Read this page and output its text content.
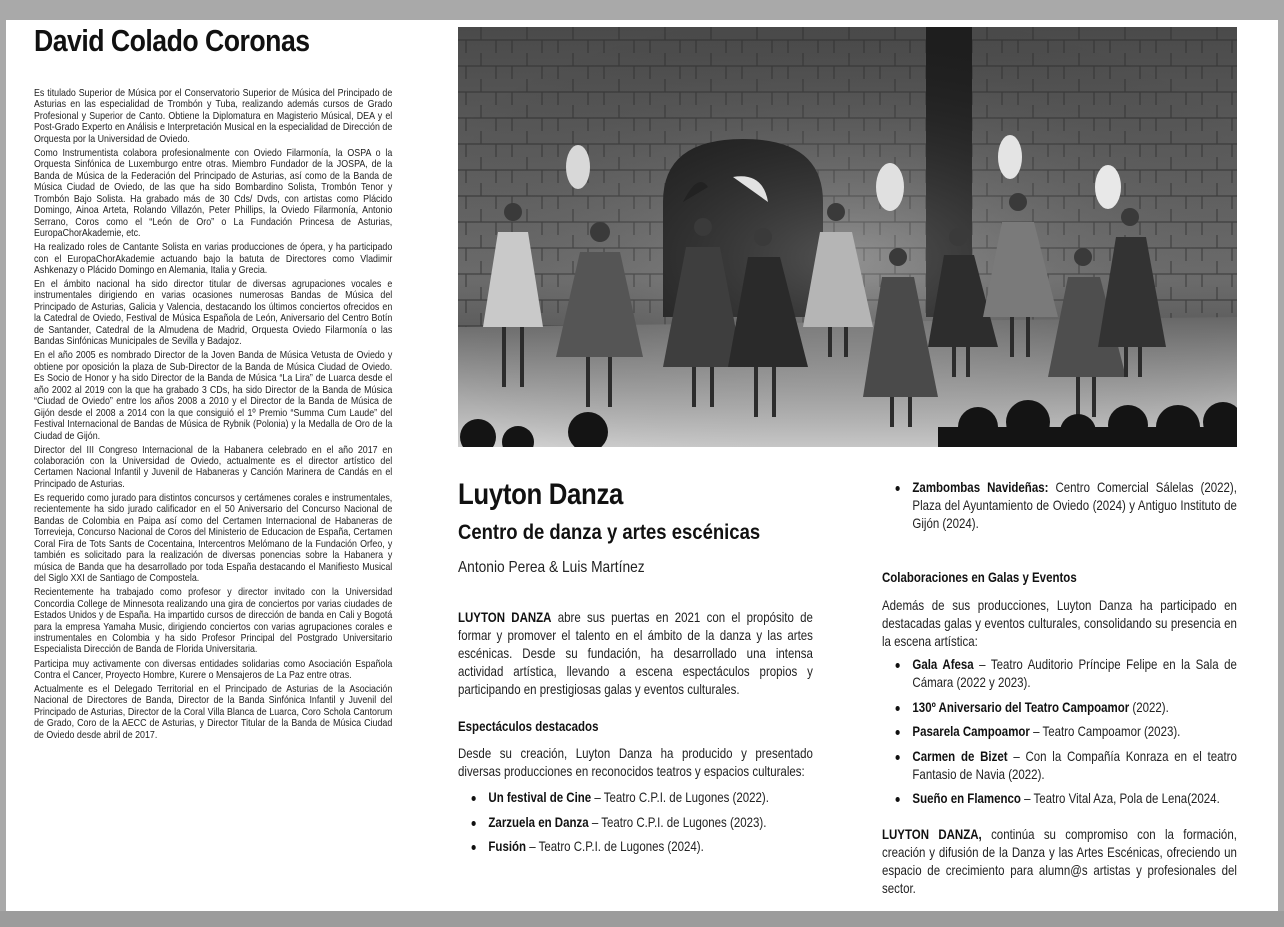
David Colado Coronas

Es titulado Superior de Música por el Conservatorio Superior de Música del Principado de Asturias en las especialidad de Trombón y Tuba, realizando además cursos de Grado Profesional y Superior de Canto. Obtiene la Diplomatura en Magisterio Músical, DEA y el Post-Grado Experto en Análisis e Interpretación Musical en la especialidad de Dirección de Orquesta por la Universidad de Oviedo.

Como Instrumentista colabora profesionalmente con Oviedo Filarmonía, la OSPA o la Orquesta Sinfónica de Luxemburgo entre otras. Miembro Fundador de la JOSPA, de la Banda de Música de la Federación del Principado de Asturias, así como de la Banda de Música Ciudad de Oviedo, de las que ha sido Bombardino Solista, Trombón Tenor y Trombón Bajo Solista. Ha grabado más de 30 Cds/ Dvds, con artistas como Plácido Domingo, Ainoa Arteta, Rolando Villazón, Peter Phillips, la Oviedo Filarmonía, Antonio Serrano, Coros como el “León de Oro” o La Fundación Princesa de Asturias, EuropaChorAkademie, etc.

Ha realizado roles de Cantante Solista en varias producciones de ópera, y ha participado con el EuropaChorAkademie actuando bajo la batuta de Directores como Vladimir Ashkenazy o Plácido Domingo en Alemania, Italia y Grecia.

En el ámbito nacional ha sido director titular de diversas agrupaciones vocales e instrumentales dirigiendo en varias ocasiones numerosas Bandas de Música del Principado de Asturias, Galicia y Valencia, destacando los últimos conciertos ofrecidos en la Catedral de Oviedo, Festival de Música Española de León, Aniversario del Centro Botín de Santander, Catedral de la Almudena de Madrid, Orquesta Oviedo Filarmonía o las Bandas Sinfónicas Municipales de Sevilla y Badajoz.

En el año 2005 es nombrado Director de la Joven Banda de Música Vetusta de Oviedo y obtiene por oposición la plaza de Sub-Director de la Banda de Música Ciudad de Oviedo. Es Socio de Honor y ha sido Director de la Banda de Música “La Lira” de Luarca desde el año 2002 al 2019 con la que ha grabado 3 CDs, ha sido Director de la Banda de Música “Ciudad de Oviedo” entre los años 2008 a 2010 y el Director de la Banda de Música de Gijón desde el 2008 a 2014 con la que consiguió el 1º Premio “Summa Cum Laude” del Festival Internacional de Bandas de Música de Rybnik (Polonia) y la Medalla de Oro de la Ciudad de Gijón.

Director del III Congreso Internacional de la Habanera celebrado en el año 2017 en colaboración con la Universidad de Oviedo, actualmente es el director artístico del Certamen Nacional Infantil y Juvenil de Habaneras y Canción Marinera de Candás en el Principado de Asturias.

Es requerido como jurado para distintos concursos y certámenes corales e instrumentales, recientemente ha sido jurado calificador en el 50 Aniversario del Concurso Nacional de Bandas de Colombia en Paipa así como del Certamen Internacional de Habaneras de Torrevieja, Concurso Nacional de Coros del Ministerio de Educacion de España, Certamen Coral Fira de Tots Sants de Cocentaina, Intercentros Melómano de la Fundación Orfeo, y también es solicitado para la realización de diversas ponencias sobre la Habanera y música de Banda que ha desarrollado por toda España destacando el Manifiesto Musical del Siglo XXI de Santiago de Compostela.

Recientemente ha trabajado como profesor y director invitado con la Universidad Concordia College de Minnesota realizando una gira de conciertos por varias ciudades de Estados Unidos y de España. Ha impartido cursos de dirección de banda en Cali y Bogotá para la empresa Yamaha Music, dirigiendo conciertos con varias agrupaciones corales e instrumentales en Colombia y ha sido Profesor Principal del Postgrado Universitario Especialista Dirección de Banda de Florida Universitaria.

Participa muy activamente con diversas entidades solidarias como Asociación Española Contra el Cancer, Proyecto Hombre, Kurere o Mensajeros de La Paz entre otras.

Actualmente es el Delegado Territorial en el Principado de Asturias de la Asociación Nacional de Directores de Banda, Director de la Banda Sinfónica Infantil y Juvenil del Principado de Asturias, Director de la Coral Villa Blanca de Luarca, Coro Schola Cantorum de Grado, Coro de la AECC de Asturias, y Director Titular de la Banda de Música Ciudad de Oviedo desde abril de 2017.

Luyton Danza
Centro de danza y artes escénicas

Antonio Perea & Luis Martínez

LUYTON DANZA abre sus puertas en 2021 con el propósito de formar y promover el talento en el ámbito de la danza y las artes escénicas. Desde su fundación, ha desarrollado una intensa actividad artística, llevando a escena espectáculos propios y participando en prestigiosas galas y eventos culturales.

Espectáculos destacados

Desde su creación, Luyton Danza ha producido y presentado diversas producciones en reconocidos teatros y espacios culturales:

Un festival de Cine – Teatro C.P.I. de Lugones (2022).
Zarzuela en Danza – Teatro C.P.I. de Lugones (2023).
Fusión – Teatro C.P.I. de Lugones (2024).
Zambombas Navideñas: Centro Comercial Sálelas (2022), Plaza del Ayuntamiento de Oviedo (2024) y Antiguo Instituto de Gijón (2024).
Colaboraciones en Galas y Eventos

Además de sus producciones, Luyton Danza ha participado en destacadas galas y eventos culturales, consolidando su presencia en la escena artística:

Gala Afesa – Teatro Auditorio Príncipe Felipe en la Sala de Cámara (2022 y 2023).
130º Aniversario del Teatro Campoamor (2022).
Pasarela Campoamor – Teatro Campoamor (2023).
Carmen de Bizet – Con la Compañía Konraza en el teatro Fantasio de Navia (2022).
Sueño en Flamenco – Teatro Vital Aza, Pola de Lena(2024.

LUYTON DANZA, continúa su compromiso con la formación, creación y difusión de la Danza y las Artes Escénicas, ofreciendo un espacio de crecimiento para alumn@s artistas y profesionales del sector.
